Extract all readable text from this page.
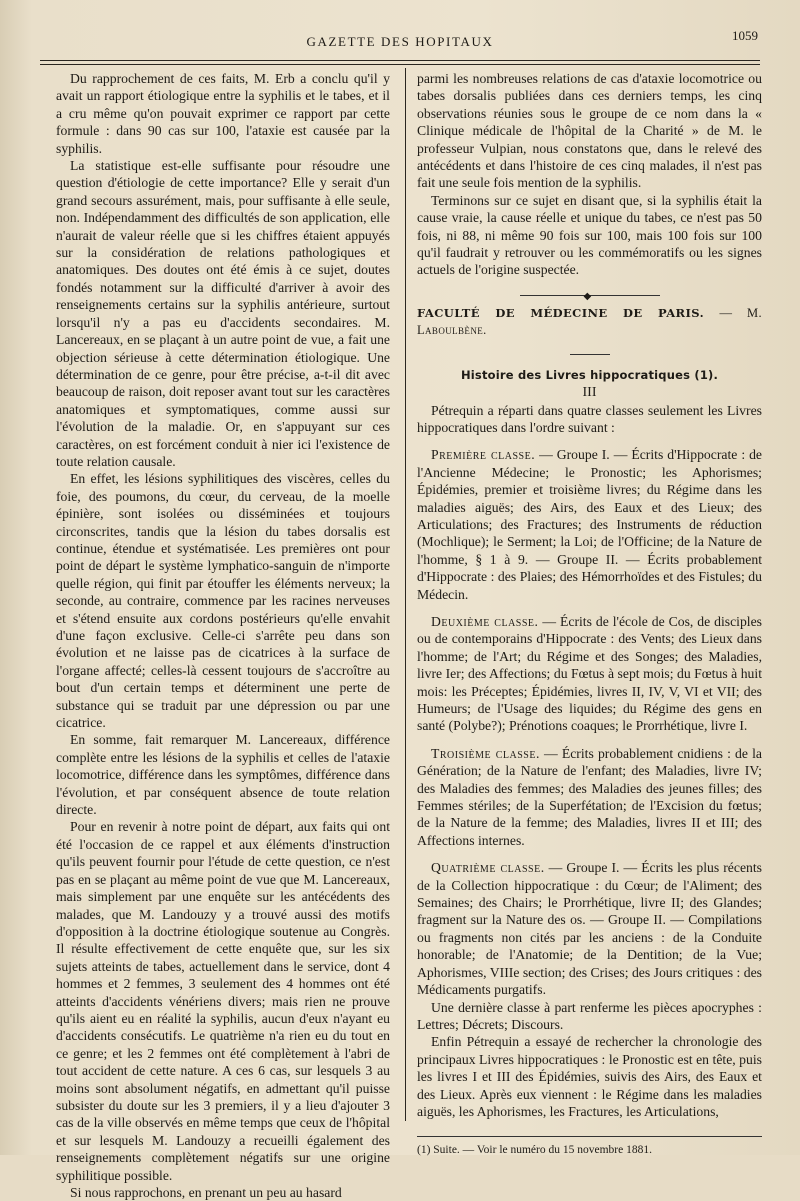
GAZETTE DES HOPITAUX	1059

Du rapprochement de ces faits, M. Erb a conclu qu'il y avait un rapport étiologique entre la syphilis et le tabes, et il a cru même qu'on pouvait exprimer ce rapport par cette formule : dans 90 cas sur 100, l'ataxie est causée par la syphilis.

La statistique est-elle suffisante pour résoudre une question d'étiologie de cette importance? Elle y serait d'un grand secours assurément, mais, pour suffisante à elle seule, non. Indépendamment des difficultés de son application, elle n'aurait de valeur réelle que si les chiffres étaient appuyés sur la considération de relations pathologiques et anatomiques. Des doutes ont été émis à ce sujet, doutes fondés notamment sur la difficulté d'arriver à avoir des renseignements certains sur la syphilis antérieure, surtout lorsqu'il n'y a pas eu d'accidents secondaires. M. Lancereaux, en se plaçant à un autre point de vue, a fait une objection sérieuse à cette détermination étiologique. Une détermination de ce genre, pour être précise, a-t-il dit avec beaucoup de raison, doit reposer avant tout sur les caractères anatomiques et symptomatiques, comme aussi sur l'évolution de la maladie. Or, en s'appuyant sur ces caractères, on est forcément conduit à nier ici l'existence de toute relation causale.

En effet, les lésions syphilitiques des viscères, celles du foie, des poumons, du cœur, du cerveau, de la moelle épinière, sont isolées ou disséminées et toujours circonscrites, tandis que la lésion du tabes dorsalis est continue, étendue et systématisée. Les premières ont pour point de départ le système lymphatico-sanguin de n'importe quelle région, qui finit par étouffer les éléments nerveux; la seconde, au contraire, commence par les racines nerveuses et s'étend ensuite aux cordons postérieurs qu'elle envahit d'une façon exclusive. Celle-ci s'arrête peu dans son évolution et ne laisse pas de cicatrices à la surface de l'organe affecté; celles-là cessent toujours de s'accroître au bout d'un certain temps et déterminent une perte de substance qui se traduit par une dépression ou par une cicatrice.

En somme, fait remarquer M. Lancereaux, différence complète entre les lésions de la syphilis et celles de l'ataxie locomotrice, différence dans les symptômes, différence dans l'évolution, et par conséquent absence de toute relation directe.

Pour en revenir à notre point de départ, aux faits qui ont été l'occasion de ce rappel et aux éléments d'instruction qu'ils peuvent fournir pour l'étude de cette question, ce n'est pas en se plaçant au même point de vue que M. Lancereaux, mais simplement par une enquête sur les antécédents des malades, que M. Landouzy y a trouvé aussi des motifs d'opposition à la doctrine étiologique soutenue au Congrès. Il résulte effectivement de cette enquête que, sur les six sujets atteints de tabes, actuellement dans le service, dont 4 hommes et 2 femmes, 3 seulement des 4 hommes ont été atteints d'accidents vénériens divers; mais rien ne prouve qu'ils aient eu en réalité la syphilis, aucun d'eux n'ayant eu d'accidents consécutifs. Le quatrième n'a rien eu du tout en ce genre; et les 2 femmes ont été complètement à l'abri de tout accident de cette nature. A ces 6 cas, sur lesquels 3 au moins sont absolument négatifs, en admettant qu'il puisse subsister du doute sur les 3 premiers, il y a lieu d'ajouter 3 cas de la ville observés en même temps que ceux de l'hôpital et sur lesquels M. Landouzy a recueilli également des renseignements complètement négatifs sur une origine syphilitique possible.

Si nous rapprochons, en prenant un peu au hasard

parmi les nombreuses relations de cas d'ataxie locomotrice ou tabes dorsalis publiées dans ces derniers temps, les cinq observations réunies sous le groupe de ce nom dans la « Clinique médicale de l'hôpital de la Charité » de M. le professeur Vulpian, nous constatons que, dans le relevé des antécédents et dans l'histoire de ces cinq malades, il n'est pas fait une seule fois mention de la syphilis.

Terminons sur ce sujet en disant que, si la syphilis était la cause vraie, la cause réelle et unique du tabes, ce n'est pas 50 fois, ni 88, ni même 90 fois sur 100, mais 100 fois sur 100 qu'il faudrait y retrouver ou les commémoratifs ou les signes actuels de l'origine suspectée.

◆

FACULTÉ DE MÉDECINE DE PARIS. — M. Laboulbène.

Histoire des Livres hippocratiques (1).

III

Pétrequin a réparti dans quatre classes seulement les Livres hippocratiques dans l'ordre suivant :

Première classe. — Groupe I. — Écrits d'Hippocrate : de l'Ancienne Médecine; le Pronostic; les Aphorismes; Épidémies, premier et troisième livres; du Régime dans les maladies aiguës; des Airs, des Eaux et des Lieux; des Articulations; des Fractures; des Instruments de réduction (Mochlique); le Serment; la Loi; de l'Officine; de la Nature de l'homme, § 1 à 9. — Groupe II. — Écrits probablement d'Hippocrate : des Plaies; des Hémorrhoïdes et des Fistules; du Médecin.

Deuxième classe. — Écrits de l'école de Cos, de disciples ou de contemporains d'Hippocrate : des Vents; des Lieux dans l'homme; de l'Art; du Régime et des Songes; des Maladies, livre Ier; des Affections; du Fœtus à sept mois; du Fœtus à huit mois: les Préceptes; Épidémies, livres II, IV, V, VI et VII; des Humeurs; de l'Usage des liquides; du Régime des gens en santé (Polybe?); Prénotions coaques; le Prorrhétique, livre I.

Troisième classe. — Écrits probablement cnidiens : de la Génération; de la Nature de l'enfant; des Maladies, livre IV; des Maladies des femmes; des Maladies des jeunes filles; des Femmes stériles; de la Superfétation; de l'Excision du fœtus; de la Nature de la femme; des Maladies, livres II et III; des Affections internes.

Quatrième classe. — Groupe I. — Écrits les plus récents de la Collection hippocratique : du Cœur; de l'Aliment; des Semaines; des Chairs; le Prorrhétique, livre II; des Glandes; fragment sur la Nature des os. — Groupe II. — Compilations ou fragments non cités par les anciens : de la Conduite honorable; de l'Anatomie; de la Dentition; de la Vue; Aphorismes, VIIIe section; des Crises; des Jours critiques : des Médicaments purgatifs.

Une dernière classe à part renferme les pièces apocryphes : Lettres; Décrets; Discours.

Enfin Pétrequin a essayé de rechercher la chronologie des principaux Livres hippocratiques : le Pronostic est en tête, puis les livres I et III des Épidémies, suivis des Airs, des Eaux et des Lieux. Après eux viennent : le Régime dans les maladies aiguës, les Aphorismes, les Fractures, les Articulations,

(1) Suite. — Voir le numéro du 15 novembre 1881.
